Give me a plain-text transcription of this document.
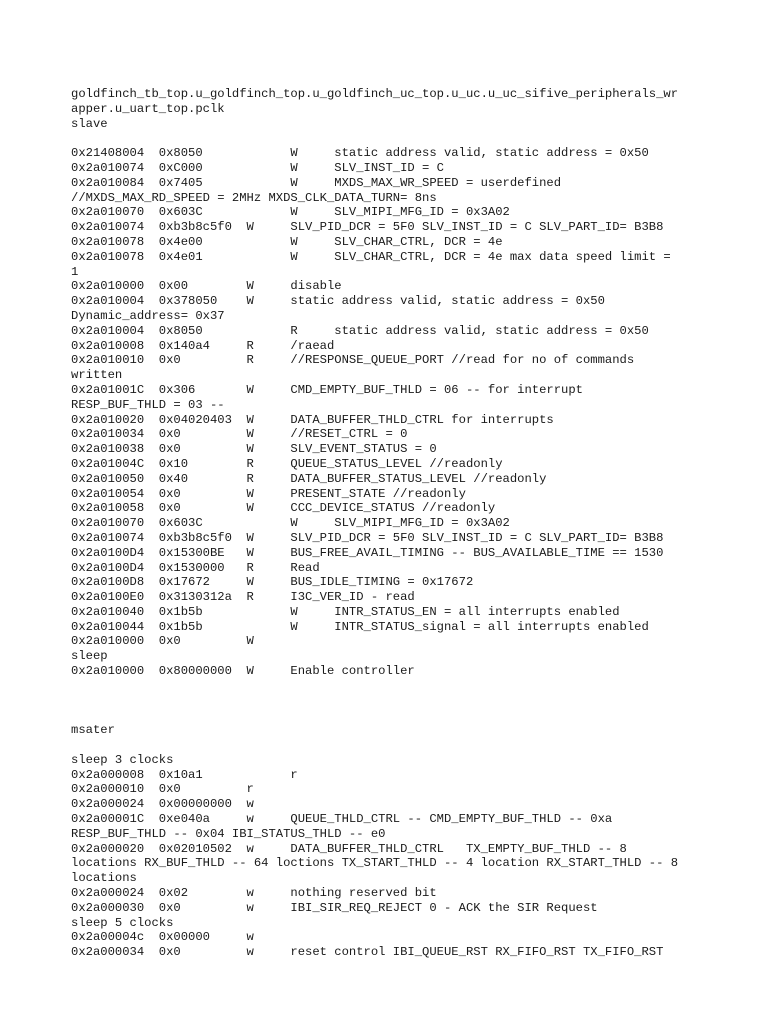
goldfinch_tb_top.u_goldfinch_top.u_goldfinch_uc_top.u_uc.u_uc_sifive_peripherals_wr
apper.u_uart_top.pclk
slave
0x21408004  0x8050            W     static address valid, static address = 0x50
0x2a010074  0xC000            W     SLV_INST_ID = C
0x2a010084  0x7405            W     MXDS_MAX_WR_SPEED = userdefined
//MXDS_MAX_RD_SPEED = 2MHz MXDS_CLK_DATA_TURN= 8ns
0x2a010070  0x603C            W     SLV_MIPI_MFG_ID = 0x3A02
0x2a010074  0xb3b8c5f0  W     SLV_PID_DCR = 5F0 SLV_INST_ID = C SLV_PART_ID= B3B8
0x2a010078  0x4e00            W     SLV_CHAR_CTRL, DCR = 4e
0x2a010078  0x4e01            W     SLV_CHAR_CTRL, DCR = 4e max data speed limit =
1
0x2a010000  0x00        W     disable
0x2a010004  0x378050    W     static address valid, static address = 0x50
Dynamic_address= 0x37
0x2a010004  0x8050            R     static address valid, static address = 0x50
0x2a010008  0x140a4     R     /raead
0x2a010010  0x0         R     //RESPONSE_QUEUE_PORT //read for no of commands
written
0x2a01001C  0x306       W     CMD_EMPTY_BUF_THLD = 06 -- for interrupt
RESP_BUF_THLD = 03 --
0x2a010020  0x04020403  W     DATA_BUFFER_THLD_CTRL for interrupts
0x2a010034  0x0         W     //RESET_CTRL = 0
0x2a010038  0x0         W     SLV_EVENT_STATUS = 0
0x2a01004C  0x10        R     QUEUE_STATUS_LEVEL //readonly
0x2a010050  0x40        R     DATA_BUFFER_STATUS_LEVEL //readonly
0x2a010054  0x0         W     PRESENT_STATE //readonly
0x2a010058  0x0         W     CCC_DEVICE_STATUS //readonly
0x2a010070  0x603C            W     SLV_MIPI_MFG_ID = 0x3A02
0x2a010074  0xb3b8c5f0  W     SLV_PID_DCR = 5F0 SLV_INST_ID = C SLV_PART_ID= B3B8
0x2a0100D4  0x15300BE   W     BUS_FREE_AVAIL_TIMING -- BUS_AVAILABLE_TIME == 1530
0x2a0100D4  0x1530000   R     Read
0x2a0100D8  0x17672     W     BUS_IDLE_TIMING = 0x17672
0x2a0100E0  0x3130312a  R     I3C_VER_ID - read
0x2a010040  0x1b5b            W     INTR_STATUS_EN = all interrupts enabled
0x2a010044  0x1b5b            W     INTR_STATUS_signal = all interrupts enabled
0x2a010000  0x0         W
sleep
0x2a010000  0x80000000  W     Enable controller
msater
sleep 3 clocks
0x2a000008  0x10a1            r
0x2a000010  0x0         r
0x2a000024  0x00000000  w
0x2a00001C  0xe040a     w     QUEUE_THLD_CTRL -- CMD_EMPTY_BUF_THLD -- 0xa
RESP_BUF_THLD -- 0x04 IBI_STATUS_THLD -- e0
0x2a000020  0x02010502  w     DATA_BUFFER_THLD_CTRL   TX_EMPTY_BUF_THLD -- 8
locations RX_BUF_THLD -- 64 loctions TX_START_THLD -- 4 location RX_START_THLD -- 8
locations
0x2a000024  0x02        w     nothing reserved bit
0x2a000030  0x0         w     IBI_SIR_REQ_REJECT 0 - ACK the SIR Request
sleep 5 clocks
0x2a00004c  0x00000     w
0x2a000034  0x0         w     reset control IBI_QUEUE_RST RX_FIFO_RST TX_FIFO_RST
